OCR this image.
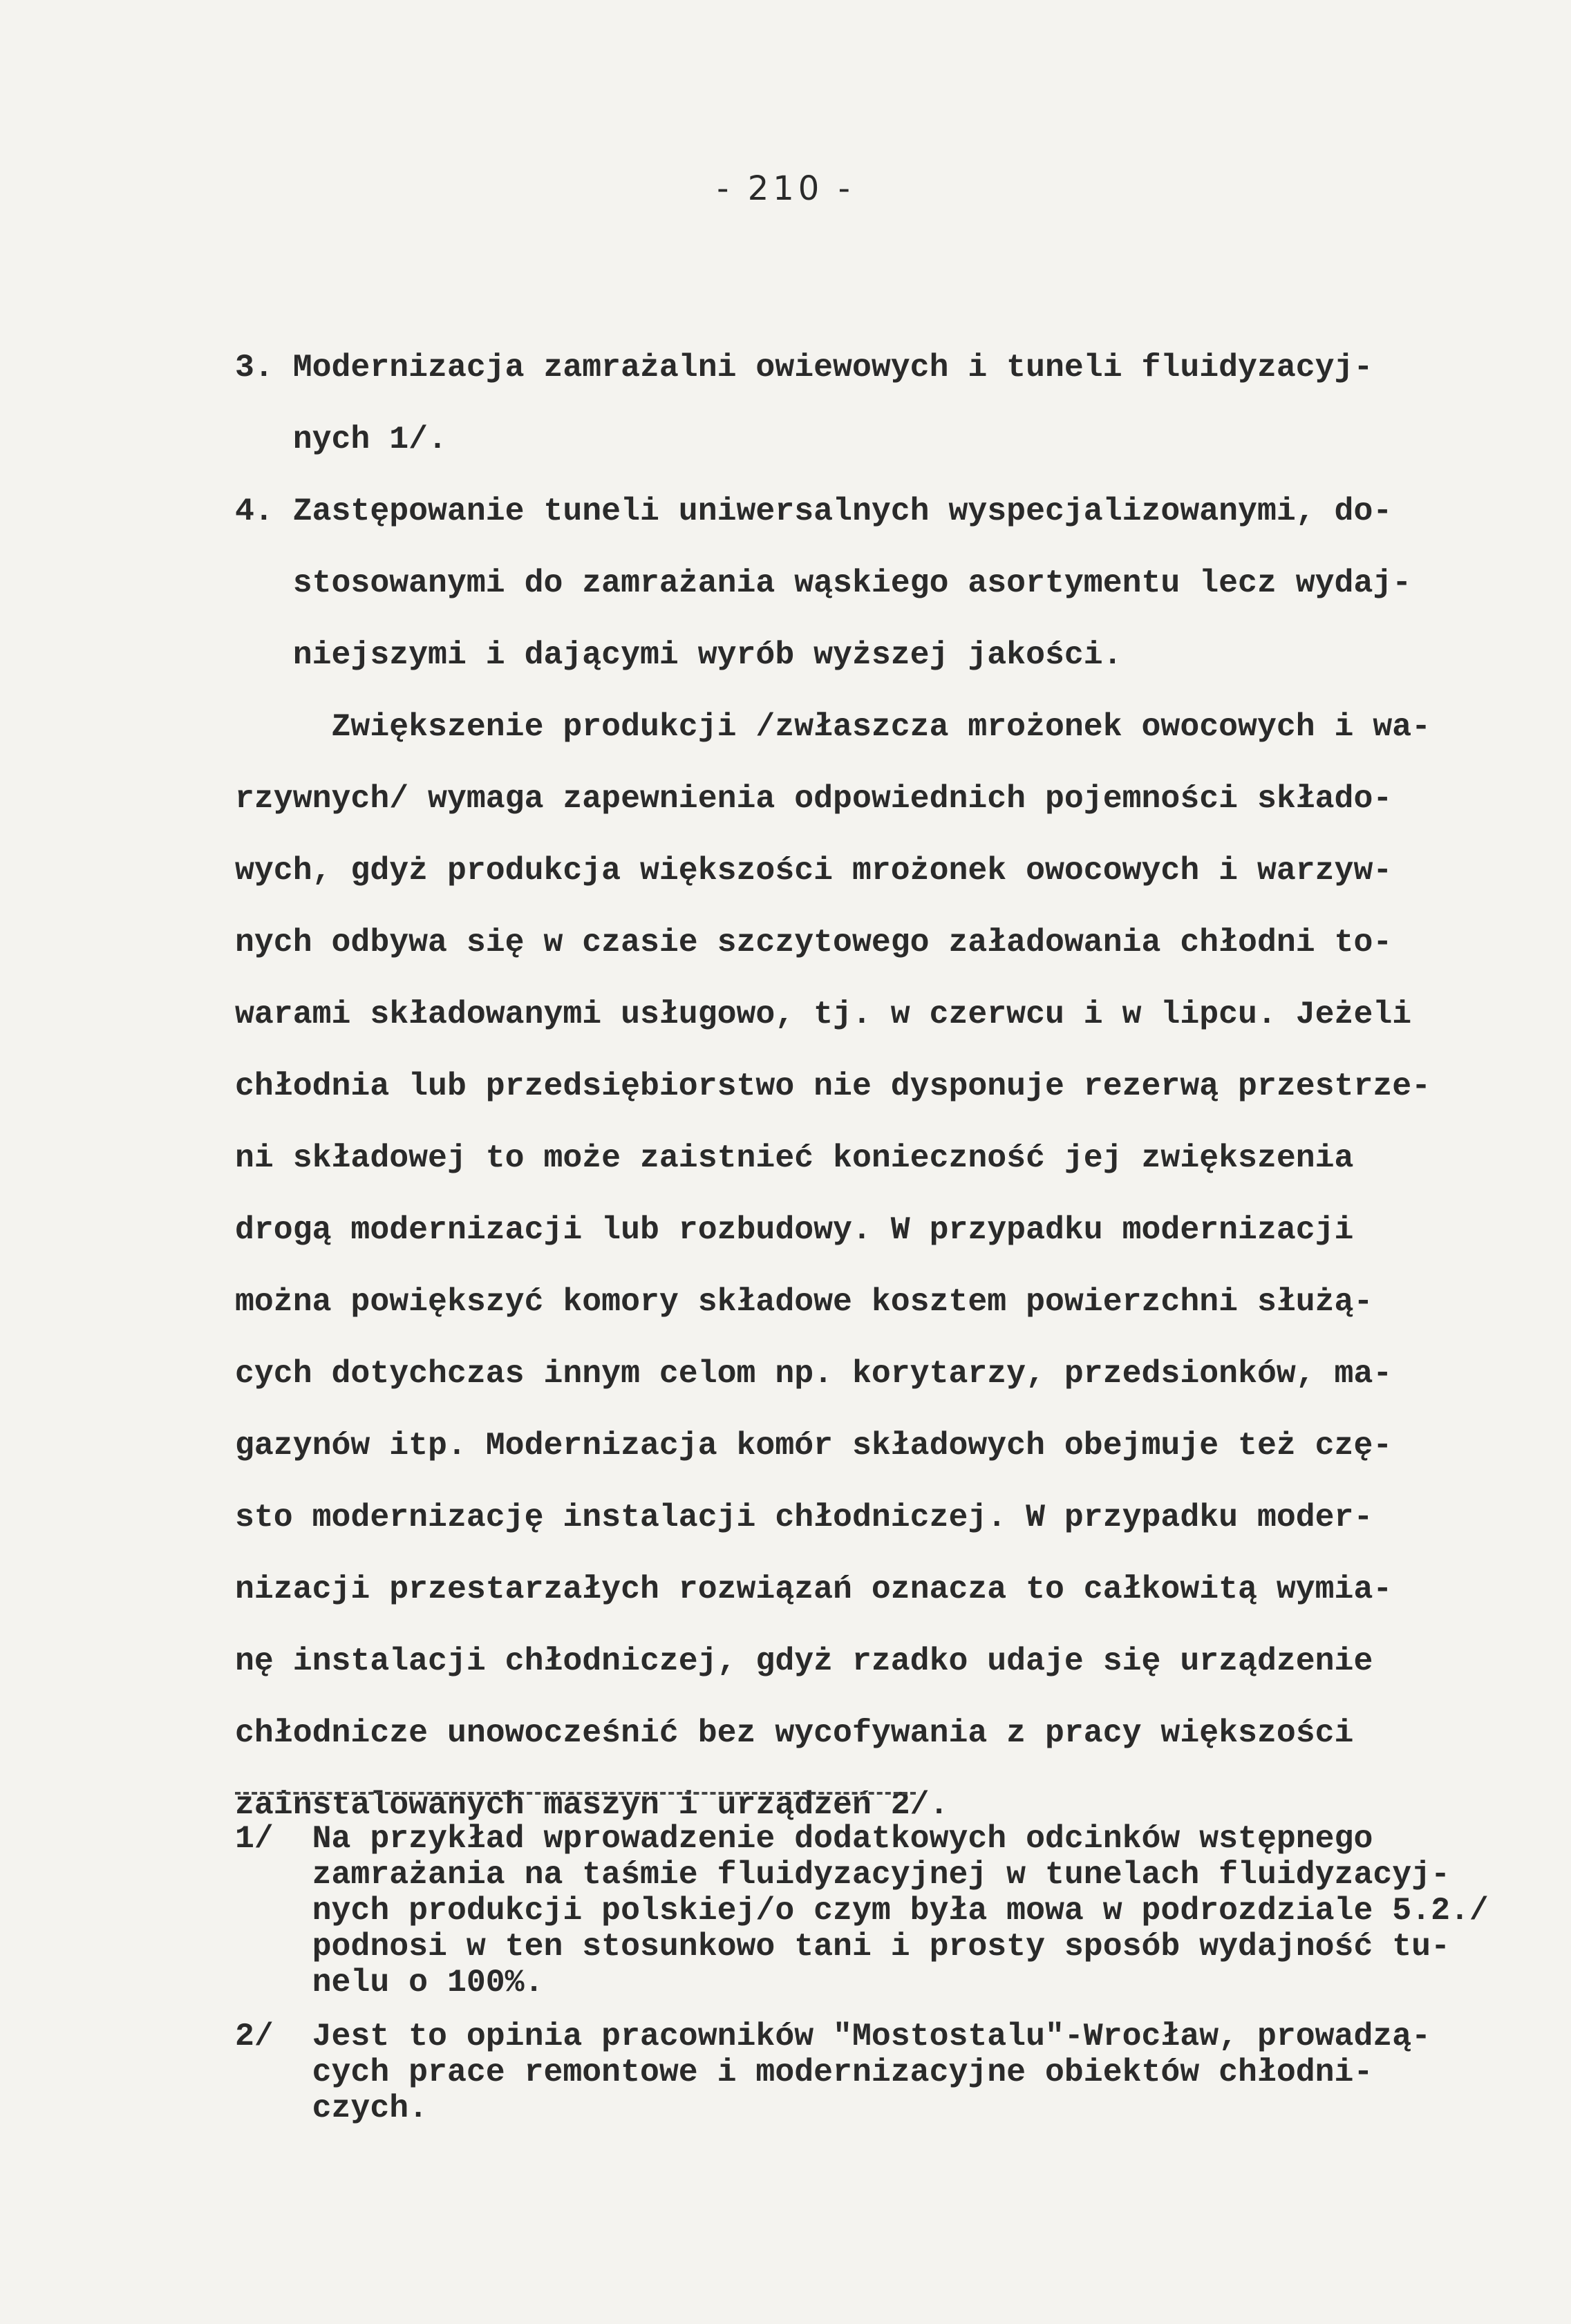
- 210 -
3. Modernizacja zamrażalni owiewowych i tuneli fluidyzacyj-
nych 1/.
4. Zastępowanie tuneli uniwersalnych wyspecjalizowanymi, do-
stosowanymi do zamrażania wąskiego asortymentu lecz wydaj-
niejszymi i dającymi wyrób wyższej jakości.
Zwiększenie produkcji /zwłaszcza mrożonek owocowych i wa-
rzywnych/ wymaga zapewnienia odpowiednich pojemności składo-
wych, gdyż produkcja większości mrożonek owocowych i warzyw-
nych odbywa się w czasie szczytowego załadowania chłodni to-
warami składowanymi usługowo, tj. w czerwcu i w lipcu. Jeżeli
chłodnia lub przedsiębiorstwo nie dysponuje rezerwą przestrze-
ni składowej to może zaistnieć konieczność jej zwiększenia
drogą modernizacji lub rozbudowy. W przypadku modernizacji
można powiększyć komory składowe kosztem powierzchni służą-
cych dotychczas innym celom np. korytarzy, przedsionków, ma-
gazynów itp. Modernizacja komór składowych obejmuje też czę-
sto modernizację instalacji chłodniczej. W przypadku moder-
nizacji przestarzałych rozwiązań oznacza to całkowitą wymia-
nę instalacji chłodniczej, gdyż rzadko udaje się urządzenie
chłodnicze unowocześnić bez wycofywania z pracy większości
zainstalowanych maszyn i urządzeń 2/.
1/  Na przykład wprowadzenie dodatkowych odcinków wstępnego
zamrażania na taśmie fluidyzacyjnej w tunelach fluidyzacyj-
nych produkcji polskiej/o czym była mowa w podrozdziale 5.2./
podnosi w ten stosunkowo tani i prosty sposób wydajność tu-
nelu o 100%.
2/  Jest to opinia pracowników "Mostostalu"-Wrocław, prowadzą-
cych prace remontowe i modernizacyjne obiektów chłodni-
czych.
